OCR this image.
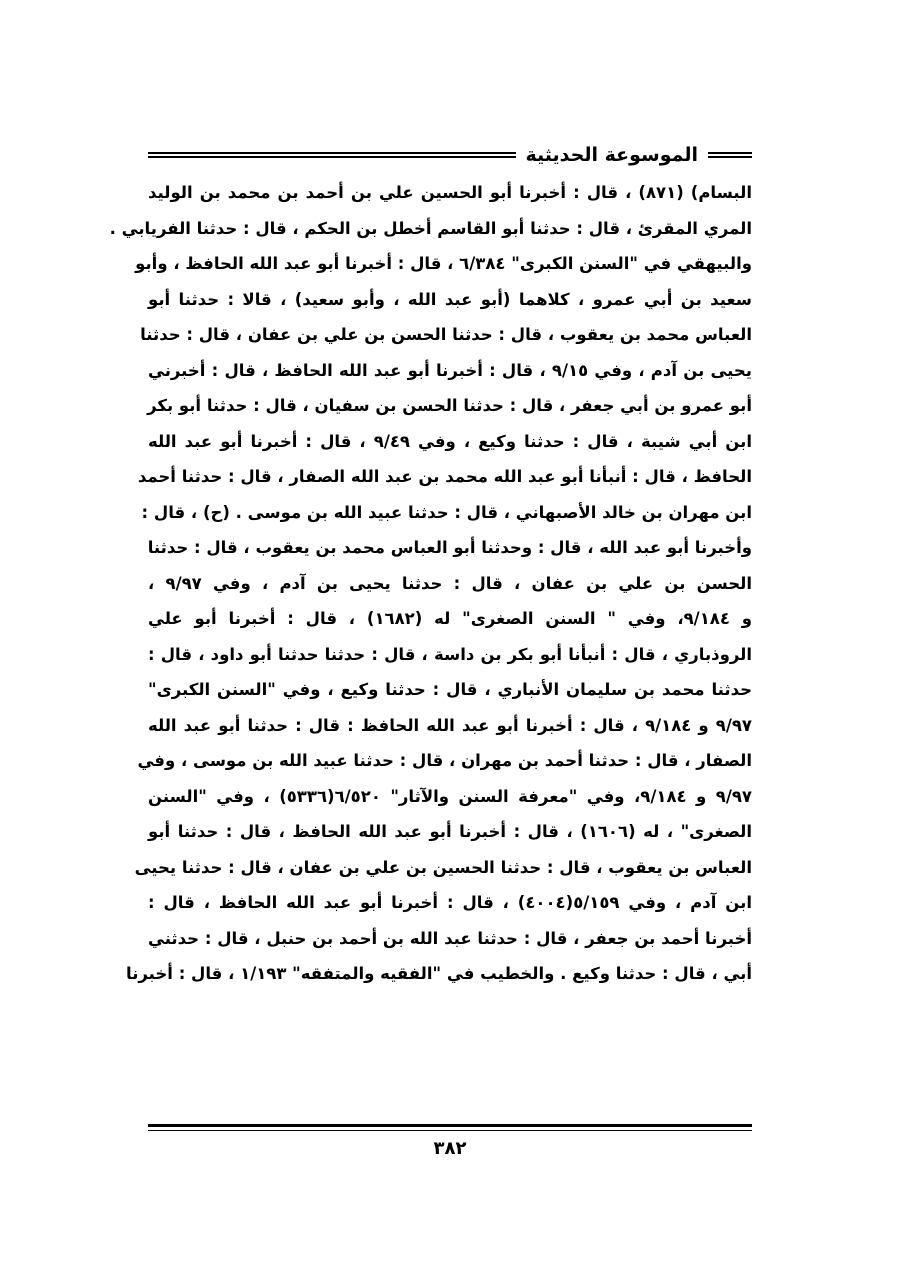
الموسوعة الحديثية
البسام) (٨٧١) ، قال : أخبرنا أبو الحسين علي بن أحمد بن محمد بن الوليد
المري المقرئ ، قال : حدثنا أبو القاسم أخطل بن الحكم ، قال : حدثنا الفريابي .
والبيهقي في "السنن الكبرى" ٦/٣٨٤ ، قال : أخبرنا أبو عبد الله الحافظ ، وأبو
سعيد بن أبي عمرو ، كلاهما (أبو عبد الله ، وأبو سعيد) ، قالا : حدثنا أبو
العباس محمد بن يعقوب ، قال : حدثنا الحسن بن علي بن عفان ، قال : حدثنا
يحيى بن آدم ، وفي ٩/١٥ ، قال : أخبرنا أبو عبد الله الحافظ ، قال : أخبرني
أبو عمرو بن أبي جعفر ، قال : حدثنا الحسن بن سفيان ، قال : حدثنا أبو بكر
ابن أبي شيبة ، قال : حدثنا وكيع ، وفي ٩/٤٩ ، قال : أخبرنا أبو عبد الله
الحافظ ، قال : أنبأنا أبو عبد الله محمد بن عبد الله الصفار ، قال : حدثنا أحمد
ابن مهران بن خالد الأصبهاني ، قال : حدثنا عبيد الله بن موسى . (ح) ، قال :
وأخبرنا أبو عبد الله ، قال : وحدثنا أبو العباس محمد بن يعقوب ، قال : حدثنا
الحسن بن علي بن عفان ، قال : حدثنا يحيى بن آدم ، وفي ٩/٩٧ ،
و ٩/١٨٤، وفي " السنن الصغرى" له (١٦٨٢) ، قال : أخبرنا أبو علي
الروذباري ، قال : أنبأنا أبو بكر بن داسة ، قال : حدثنا حدثنا أبو داود ، قال :
حدثنا محمد بن سليمان الأنباري ، قال : حدثنا وكيع ، وفي "السنن الكبرى"
٩/٩٧ و ٩/١٨٤ ، قال : أخبرنا أبو عبد الله الحافظ : قال : حدثنا أبو عبد الله
الصفار ، قال : حدثنا أحمد بن مهران ، قال : حدثنا عبيد الله بن موسى ، وفي
٩/٩٧ و ٩/١٨٤، وفي "معرفة السنن والآثار" ٦/٥٢٠(٥٣٣٦) ، وفي "السنن
الصغرى" ، له (١٦٠٦) ، قال : أخبرنا أبو عبد الله الحافظ ، قال : حدثنا أبو
العباس بن يعقوب ، قال : حدثنا الحسين بن علي بن عفان ، قال : حدثنا يحيى
ابن آدم ، وفي ٥/١٥٩(٤٠٠٤) ، قال : أخبرنا أبو عبد الله الحافظ ، قال :
أخبرنا أحمد بن جعفر ، قال : حدثنا عبد الله بن أحمد بن حنبل ، قال : حدثني
أبي ، قال : حدثنا وكيع . والخطيب في "الفقيه والمتفقه" ١/١٩٣ ، قال : أخبرنا
٣٨٢
